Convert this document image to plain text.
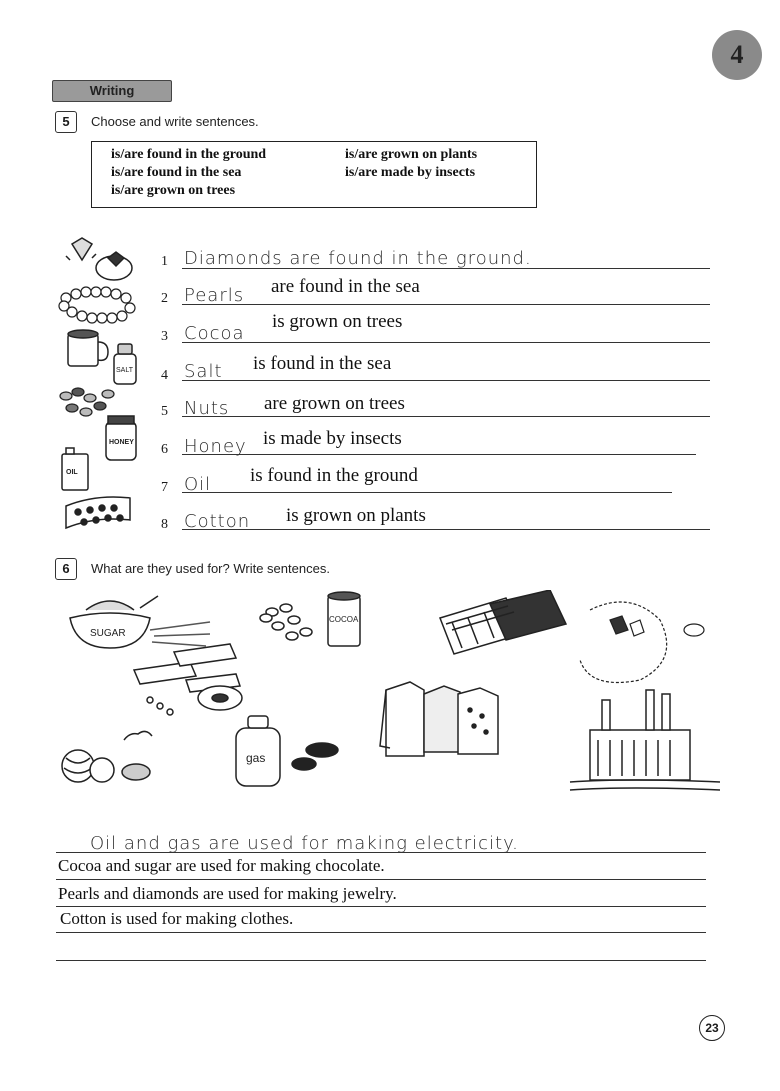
4
Writing
5	Choose and write sentences.
is/are found in the ground	is/are grown on plants
is/are found in the sea	is/are made by insects
is/are grown on trees
SALT
HONEY
OIL
1 Diamonds are found in the ground.
2 Pearls are found in the sea
3 Cocoa
is grown on trees
4 Salt is found in the sea
5 Nuts are grown on trees
6 Honey is made by insects
7 Oil is found in the ground
8 Cotton is grown on plants
6	What are they used for? Write sentences.
SUGAR
gas
COCOA
Oil and gas are used for making electricity.
Cocoa and sugar are used for making chocolate.
Pearls and diamonds are used for making jewelry.
Cotton is used for making clothes.
23
